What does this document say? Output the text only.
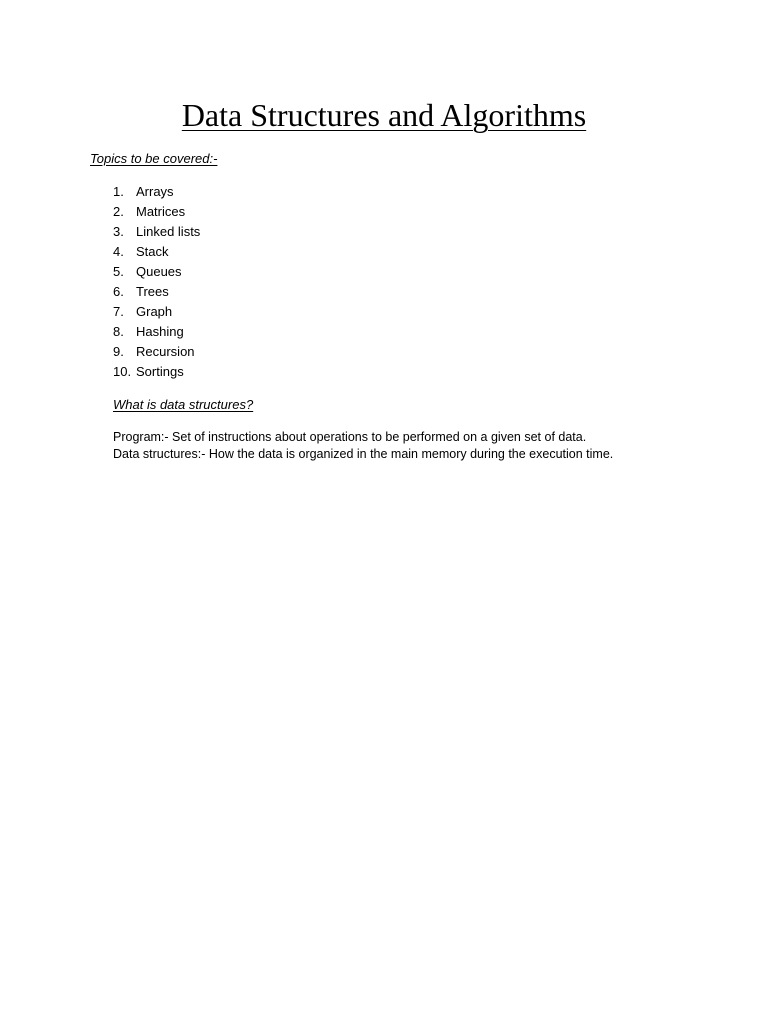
Data Structures and Algorithms
Topics to be covered:-
1. Arrays
2. Matrices
3. Linked lists
4. Stack
5. Queues
6. Trees
7. Graph
8. Hashing
9. Recursion
10. Sortings
What is data structures?
Program:- Set of instructions about operations to be performed on a given set of data.
Data structures:- How the data is organized in the main memory during the execution time.
